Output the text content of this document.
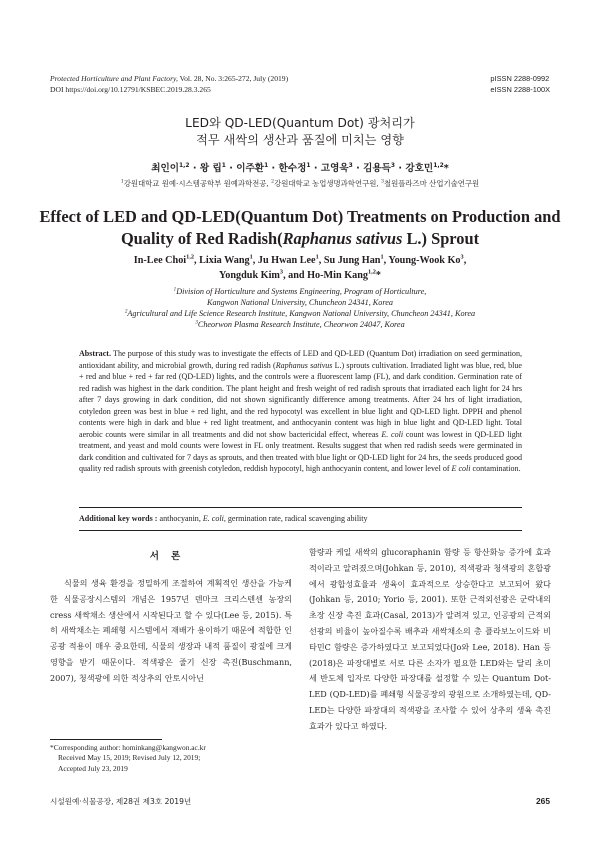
Protected Horticulture and Plant Factory, Vol. 28, No. 3:265-272, July (2019)
DOI https://doi.org/10.12791/KSBEC.2019.28.3.265
pISSN 2288-0992
eISSN 2288-100X
LED와 QD-LED(Quantum Dot) 광처리가
적무 새싹의 생산과 품질에 미치는 영향
최인이$^{1,2}$ · 왕 립$^1$ · 이주환$^1$ · 한수정$^1$ · 고영욱$^3$ · 김용득$^3$ · 강호민$^{1,2}$*
$^1$강원대학교 원예·시스템공학부 원예과학전공, $^2$강원대학교 농업생명과학연구원, $^3$철원플라즈마 산업기술연구원
Effect of LED and QD-LED(Quantum Dot) Treatments on Production and
Quality of Red Radish(Raphanus sativus L.) Sprout
In-Lee Choi$^{1,2}$, Lixia Wang$^1$, Ju Hwan Lee$^1$, Su Jung Han$^1$, Young-Wook Ko$^3$,
Yongduk Kim$^3$, and Ho-Min Kang$^{1,2}$*
$^1$Division of Horticulture and Systems Engineering, Program of Horticulture,
Kangwon National University, Chuncheon 24341, Korea
$^2$Agricultural and Life Science Research Institute, Kangwon National University, Chuncheon 24341, Korea
$^3$Cheorwon Plasma Research Institute, Cheorwon 24047, Korea
Abstract. The purpose of this study was to investigate the effects of LED and QD-LED (Quantum Dot) irradiation on seed germination, antioxidant ability, and microbial growth, during red radish (Raphanus sativus L.) sprouts cultivation. Irradiated light was blue, red, blue + red and blue + red + far red (QD-LED) lights, and the controls were a fluorescent lamp (FL), and dark condition. Germination rate of red radish was highest in the dark condition. The plant height and fresh weight of red radish sprouts that irradiated each light for 24 hrs after 7 days growing in dark condition, did not shown significantly difference among treatments. After 24 hrs of light irradiation, cotyledon green was best in blue + red light, and the red hypocotyl was excellent in blue light and QD-LED light. DPPH and phenol contents were high in dark and blue + red light treatment, and anthocyanin content was high in blue light and QD-LED light. Total aerobic counts were similar in all treatments and did not show bactericidal effect, whereas E. coli count was lowest in QD-LED light treatment, and yeast and mold counts were lowest in FL only treatment. Results suggest that when red radish seeds were germinated in dark condition and cultivated for 7 days as sprouts, and then treated with blue light or QD-LED light for 24 hrs, the seeds produced good quality red radish sprouts with greenish cotyledon, reddish hypocotyl, high anthocyanin content, and lower level of E coli contamination.
Additional key words : anthocyanin, E. coli, germination rate, radical scavenging ability
서론
식물의 생육 환경을 정밀하게 조절하여 계획적인 생산을 가능케 한 식물공장시스템의 개념은 1957년 덴마크 크리스텐센 농장의 cress 새싹채소 생산에서 시작된다고 할 수 있다(Lee 등, 2015). 특히 새싹채소는 폐쇄형 시스템에서 재배가 용이하기 때문에 적합한 인공광 적용이 매우 중요한데, 식물의 생장과 내적 품질이 광질에 크게 영향을 받기 때문이다. 적색광은 줄기 신장 촉진(Buschmann, 2007), 청색광에 의한 적상추의 안토시아닌
함량과 케일 새싹의 glucoraphanin 함량 등 항산화능 증가에 효과적이라고 알려졌으며(Johkan 등, 2010), 적색광과 청색광의 혼합광에서 광합성효율과 생육이 효과적으로 상승한다고 보고되어 왔다(Johkan 등, 2010; Yorio 등, 2001). 또한 근적외선광은 군락내의 초장 신장 촉진 효과(Casal, 2013)가 알려져 있고, 인공광의 근적외선광의 비율이 높아질수록 배추과 새싹채소의 총 플라보노이드와 비타민C 함량은 증가하였다고 보고되었다(Jo와 Lee, 2018). Han 등(2018)은 파장대별로 서로 다른 소자가 필요한 LED와는 달리 초미세 반도체 입자로 다양한 파장대를 설정할 수 있는 Quantum Dot-LED (QD-LED)를 폐쇄형 식물공장의 광원으로 소개하였는데, QD-LED는 다양한 파장대의 적색광을 조사할 수 있어 상추의 생육 촉진 효과가 있다고 하였다.
*Corresponding author: hominkang@kangwon.ac.kr
Received May 15, 2019; Revised July 12, 2019;
Accepted July 23, 2019
시설원예·식물공장, 제28권 제3호 2019년	265
